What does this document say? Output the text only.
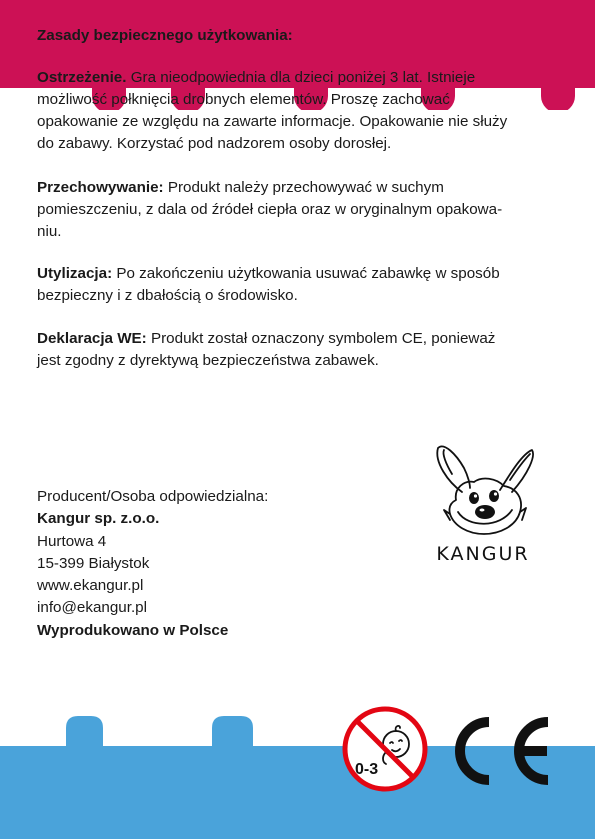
Zasady bezpiecznego użytkowania:
Ostrzeżenie. Gra nieodpowiednia dla dzieci poniżej 3 lat. Istnieje
możliwość połknięcia drobnych elementów. Proszę zachować
opakowanie ze względu na zawarte informacje. Opakowanie nie służy
do zabawy. Korzystać pod nadzorem osoby dorosłej.
Przechowywanie: Produkt należy przechowywać w suchym
pomieszczeniu, z dala od źródeł ciepła oraz w oryginalnym opakowa-
niu.
Utylizacja: Po zakończeniu użytkowania usuwać zabawkę w sposób
bezpieczny i z dbałością o środowisko.
Deklaracja WE: Produkt został oznaczony symbolem CE, ponieważ
jest zgodny z dyrektywą bezpieczeństwa zabawek.
Producent/Osoba odpowiedzialna:
Kangur sp. z.o.o.
Hurtowa 4
15-399 Białystok
www.ekangur.pl
info@ekangur.pl
Wyprodukowano w Polsce
KANGUR
0-3
